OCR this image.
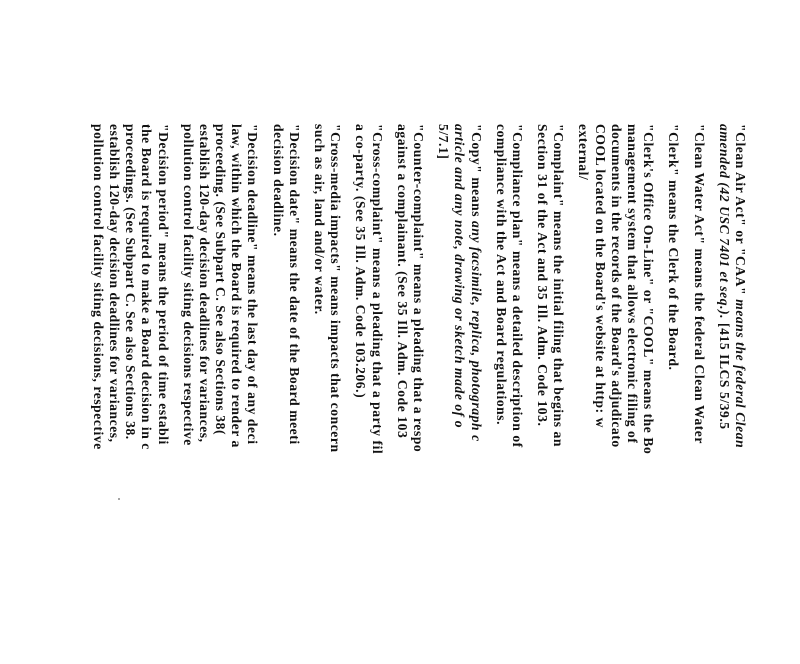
"Clean Air Act" or "CAA" means the federal Clean
amended (42 USC 7401 et seq.). [415 ILCS 5/39.5
"Clean Water Act" means the federal Clean Water
"Clerk" means the Clerk of the Board.
"Clerk's Office On-Line" or "COOL" means the Bo
management system that allows electronic filing of
documents in the records of the Board's adjudicato
COOL located on the Board's website at http: w
external/
"Complaint" means the initial filing that begins an
Section 31 of the Act and 35 Ill. Adm. Code 103.
"Compliance plan" means a detailed description of
compliance with the Act and Board regulations.
"Copy" means any facsimile, replica, photograph c
article and any note, drawing or sketch made of o
5/7.1]
"Counter-complaint" means a pleading that a respo
against a complainant. (See 35 Ill. Adm. Code 103
"Cross-complaint" means a pleading that a party fil
a co-party. (See 35 Ill. Adm. Code 103.206.)
"Cross-media impacts" means impacts that concern
such as air, land and/or water.
"Decision date" means the date of the Board meeti
decision deadline.
"Decision deadline" means the last day of any deci
law, within which the Board is required to render a
proceeding. (See Subpart C. See also Sections 38(
establish 120-day decision deadlines for variances,
pollution control facility siting decisions respective
"Decision period" means the period of time establi
the Board is required to make a Board decision in c
proceedings. (See Subpart C. See also Sections 38.
establish 120-day decision deadlines for variances,
pollution control facility siting decisions, respective
